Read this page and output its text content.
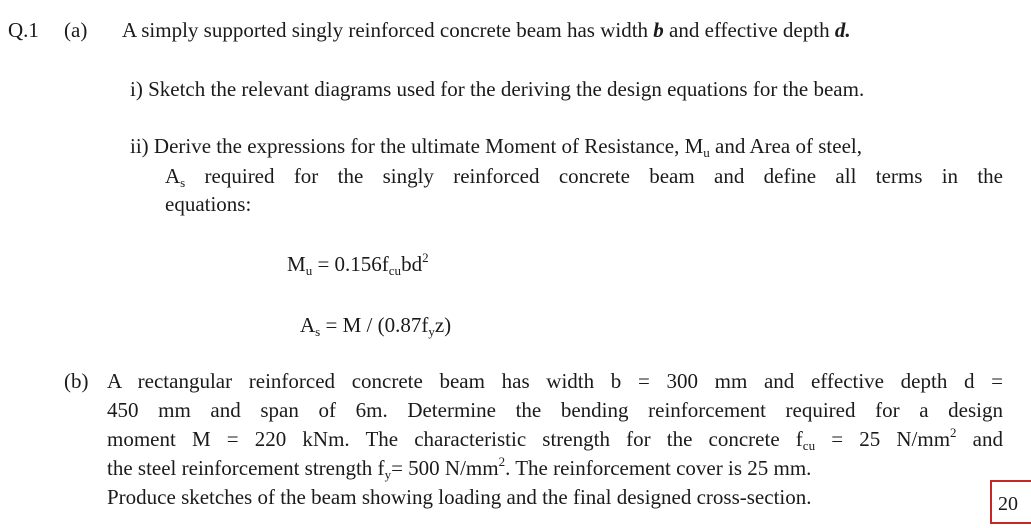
Q.1 (a) A simply supported singly reinforced concrete beam has width b and effective depth d.
i) Sketch the relevant diagrams used for the deriving the design equations for the beam.
ii) Derive the expressions for the ultimate Moment of Resistance, $M_u$ and Area of steel,
$A_s$ required for the singly reinforced concrete beam and define all terms in the
equations:
$M_u = 0.156f_{cu}bd^2$
$A_s = M / (0.87f_yz)$
(b) A rectangular reinforced concrete beam has width b = 300 mm and effective depth d =
450 mm and span of 6m. Determine the bending reinforcement required for a design
moment M = 220 kNm. The characteristic strength for the concrete $f_{cu} = 25$ $N/mm^2$ and
the steel reinforcement strength $f_y= 500$ $N/mm^2$. The reinforcement cover is 25 mm.
Produce sketches of the beam showing loading and the final designed cross-section.	20
